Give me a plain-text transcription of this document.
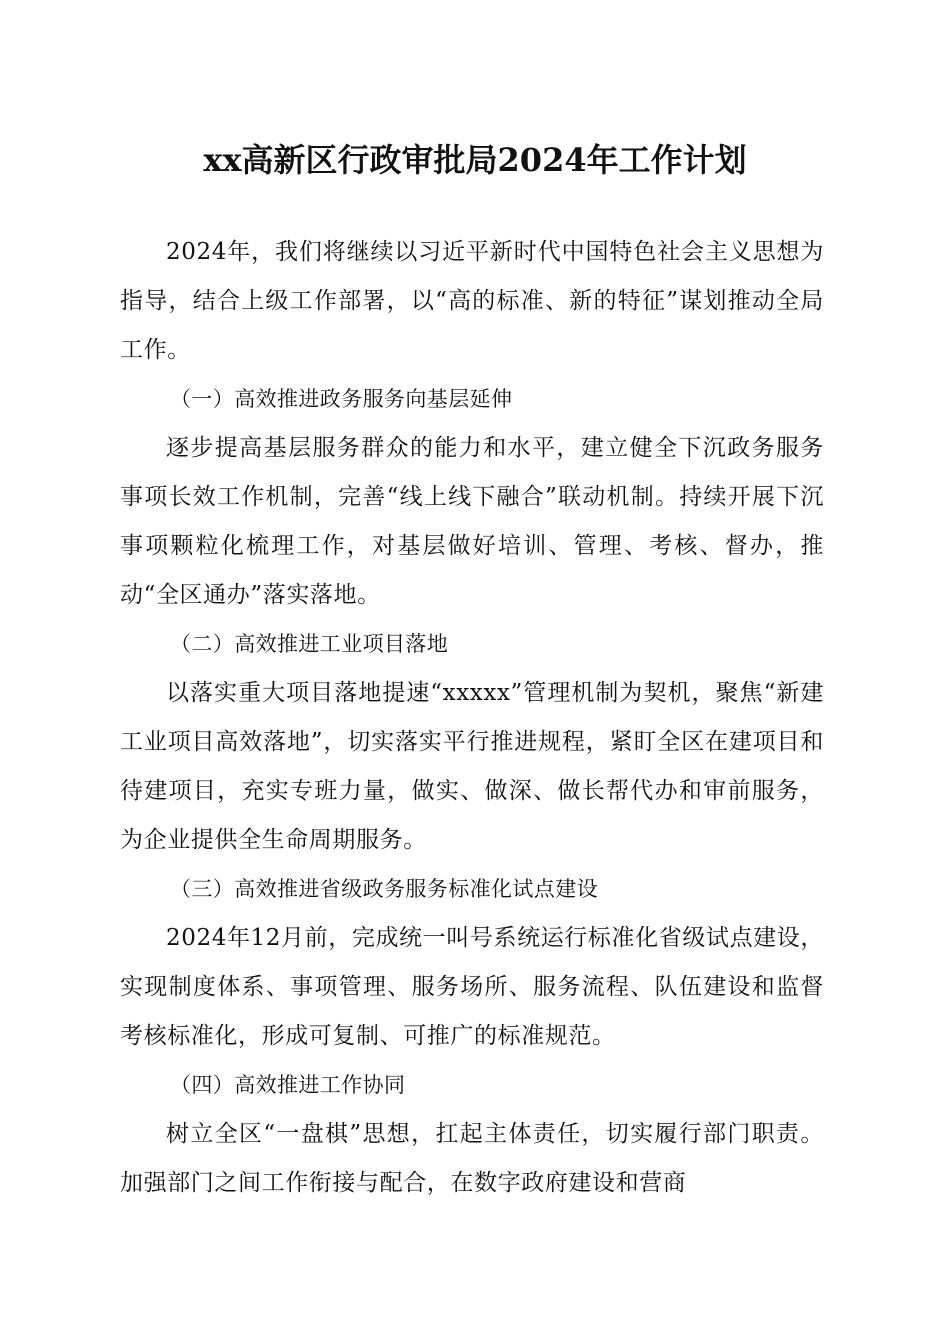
xx高新区行政审批局2024年工作计划

2024年，我们将继续以习近平新时代中国特色社会主义思想为指导，结合上级工作部署，以“高的标准、新的特征”谋划推动全局工作。

（一）高效推进政务服务向基层延伸

逐步提高基层服务群众的能力和水平，建立健全下沉政务服务事项长效工作机制，完善“线上线下融合”联动机制。持续开展下沉事项颗粒化梳理工作，对基层做好培训、管理、考核、督办，推动“全区通办”落实落地。

（二）高效推进工业项目落地

以落实重大项目落地提速“xxxxx”管理机制为契机，聚焦“新建工业项目高效落地”，切实落实平行推进规程，紧盯全区在建项目和待建项目，充实专班力量，做实、做深、做长帮代办和审前服务，为企业提供全生命周期服务。

（三）高效推进省级政务服务标准化试点建设

2024年12月前，完成统一叫号系统运行标准化省级试点建设，实现制度体系、事项管理、服务场所、服务流程、队伍建设和监督考核标准化，形成可复制、可推广的标准规范。

（四）高效推进工作协同

树立全区“一盘棋”思想，扛起主体责任，切实履行部门职责。加强部门之间工作衔接与配合，在数字政府建设和营商
